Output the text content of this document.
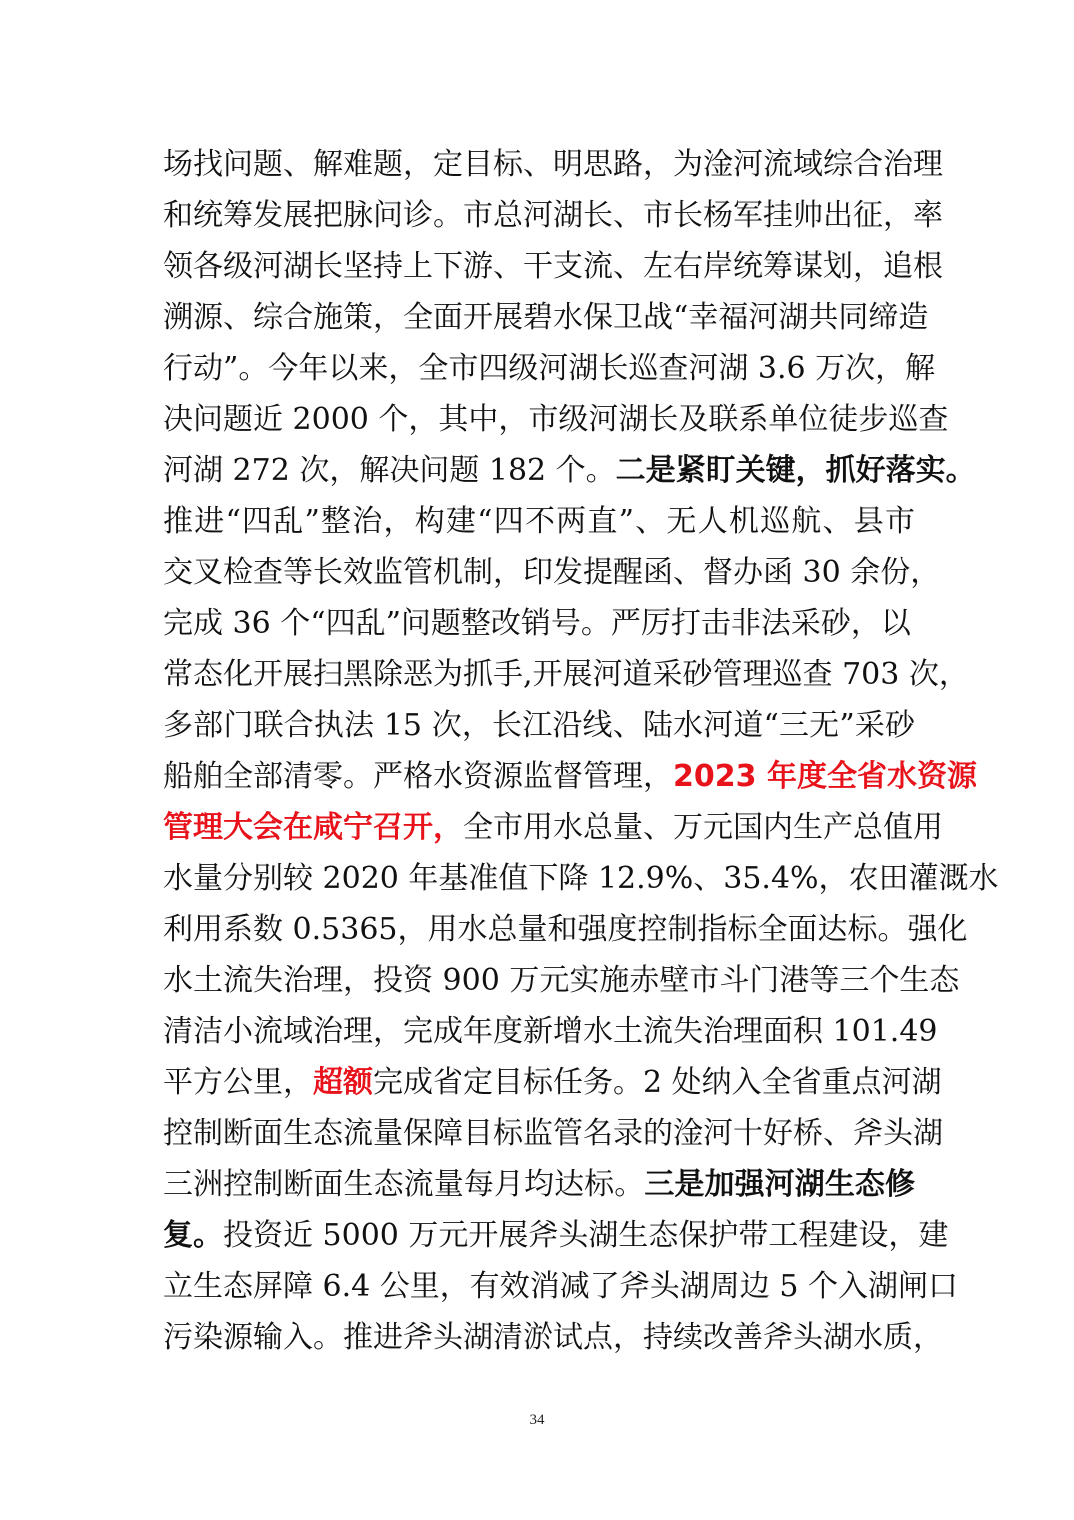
场找问题、解难题，定目标、明思路，为淦河流域综合治理
和统筹发展把脉问诊。市总河湖长、市长杨军挂帅出征，率
领各级河湖长坚持上下游、干支流、左右岸统筹谋划，追根
溯源、综合施策，全面开展碧水保卫战“幸福河湖共同缔造
行动”。今年以来，全市四级河湖长巡查河湖 3.6 万次，解
决问题近 2000 个，其中，市级河湖长及联系单位徒步巡查
河湖 272 次，解决问题 182 个。二是紧盯关键，抓好落实。
推进“四乱”整治，构建“四不两直”、无人机巡航、县市
交叉检查等长效监管机制，印发提醒函、督办函 30 余份，
完成 36 个“四乱”问题整改销号。严厉打击非法采砂，以
常态化开展扫黑除恶为抓手,开展河道采砂管理巡查 703 次，
多部门联合执法 15 次，长江沿线、陆水河道“三无”采砂
船舶全部清零。严格水资源监督管理，2023 年度全省水资源
管理大会在咸宁召开，全市用水总量、万元国内生产总值用
水量分别较 2020 年基准值下降 12.9%、35.4%，农田灌溉水
利用系数 0.5365，用水总量和强度控制指标全面达标。强化
水土流失治理，投资 900 万元实施赤壁市斗门港等三个生态
清洁小流域治理，完成年度新增水土流失治理面积 101.49
平方公里，超额完成省定目标任务。2 处纳入全省重点河湖
控制断面生态流量保障目标监管名录的淦河十好桥、斧头湖
三洲控制断面生态流量每月均达标。三是加强河湖生态修
复。投资近 5000 万元开展斧头湖生态保护带工程建设，建
立生态屏障 6.4 公里，有效消减了斧头湖周边 5 个入湖闸口
污染源输入。推进斧头湖清淤试点，持续改善斧头湖水质，
34
